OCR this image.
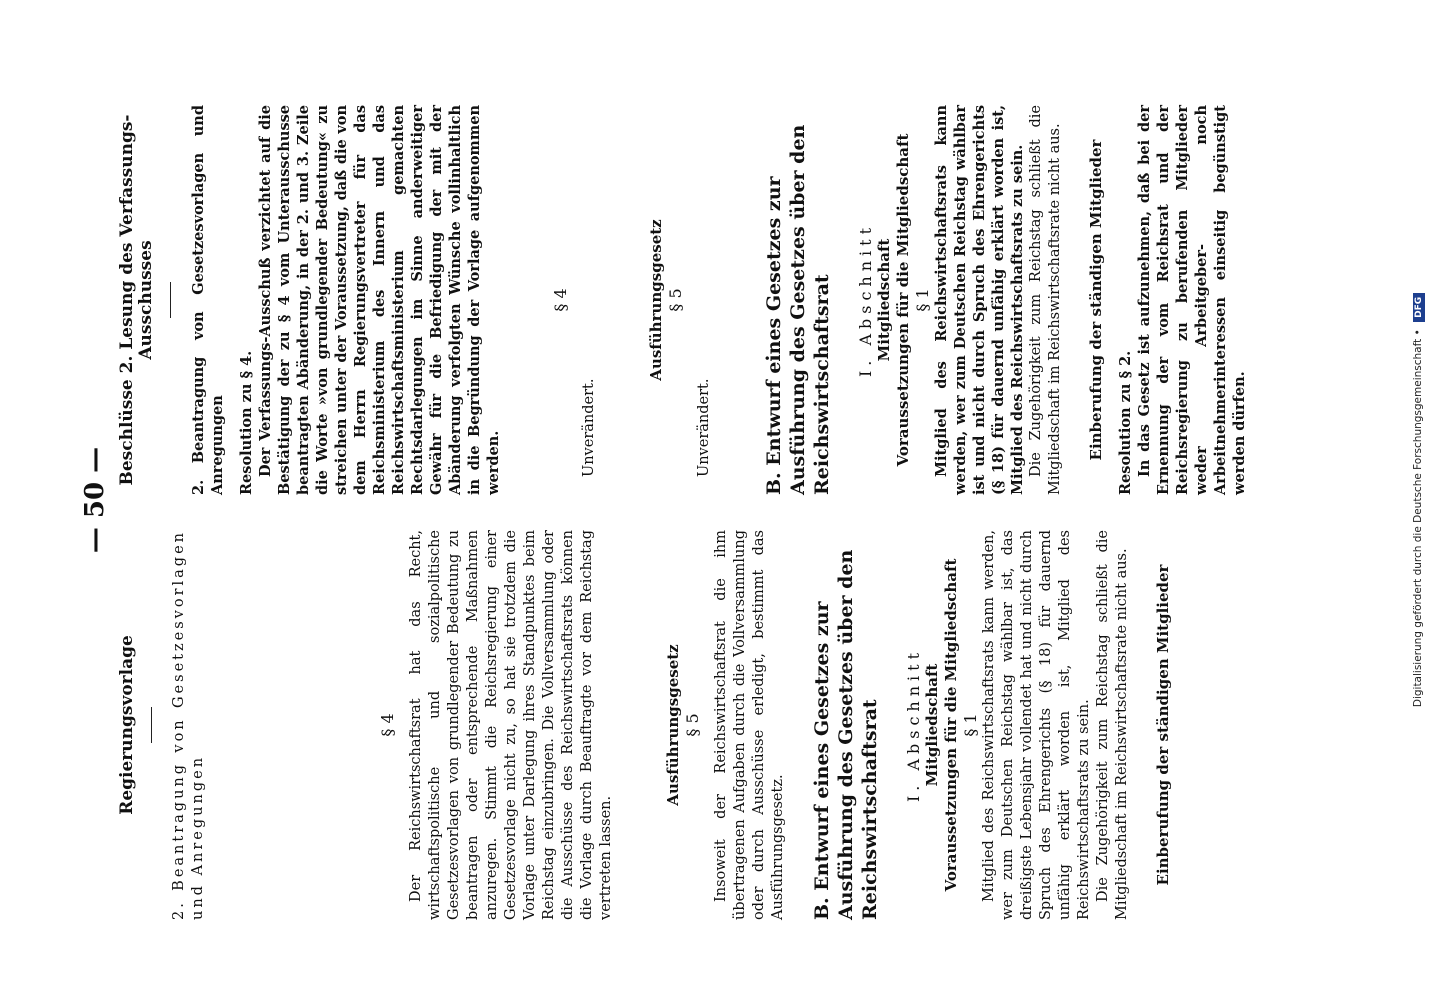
— 50 —

Regierungsvorlage 2. Beantragung von Gesetzesvorlagen und Anregungen

§ 4 Der Reichswirtschaftsrat hat das Recht, wirtschaftspolitische und sozialpolitische Gesetzesvorlagen von grundlegender Bedeutung zu beantragen oder entsprechende Maßnahmen anzuregen. Stimmt die Reichsregierung einer Gesetzesvorlage nicht zu, so hat sie trotzdem die Vorlage unter Darlegung ihres Standpunktes beim Reichstag einzubringen. Die Vollversammlung oder die Ausschüsse des Reichswirtschaftsrats können die Vorlage durch Beauftragte vor dem Reichstag vertreten lassen.

Ausführungsgesetz § 5 Insoweit der Reichswirtschaftsrat die ihm übertragenen Aufgaben durch die Vollversammlung oder durch Ausschüsse erledigt, bestimmt das Ausführungsgesetz. B. Entwurf eines Gesetzes zur Ausführung des Gesetzes über den Reichswirtschaftsrat I. Abschnitt Mitgliedschaft Voraussetzungen für die Mitgliedschaft § 1 Mitglied des Reichswirtschaftsrats kann werden, wer zum Deutschen Reichstag wählbar ist, das dreißigste Lebensjahr vollendet hat und nicht durch Spruch des Ehrengerichts (§ 18) für dauernd unfähig erklärt worden ist, Mitglied des Reichswirtschaftsrats zu sein. Die Zugehörigkeit zum Reichstag schließt die Mitgliedschaft im Reichswirtschaftsrate nicht aus. Einberufung der ständigen Mitglieder

Beschlüsse 2. Lesung des Verfassungs-Ausschusses 2. Beantragung von Gesetzesvorlagen und Anregungen Resolution zu § 4. Der Verfassungs-Ausschuß verzichtet auf die Bestätigung der zu § 4 vom Unterausschusse beantragten Abänderung, in der 2. und 3. Zeile die Worte »von grundlegender Bedeutung« zu streichen unter der Voraussetzung, daß die von dem Herrn Regierungsvertreter für das Reichsministerium des Innern und das Reichswirtschaftsministerium gemachten Rechtsdarlegungen im Sinne anderweitiger Gewähr für die Befriedigung der mit der Abänderung verfolgten Wünsche vollinhaltlich in die Begründung der Vorlage aufgenommen werden.

§ 4

Unverändert.

Ausführungsgesetz § 5

Unverändert.	B. Entwurf eines Gesetzes zur Ausführung des Gesetzes über den Reichswirtschaftsrat I. Abschnitt Mitgliedschaft Voraussetzungen für die Mitgliedschaft § 1 Mitglied des Reichswirtschaftsrats kann werden, wer zum Deutschen Reichstag wählbar ist und nicht durch Spruch des Ehrengerichts (§ 18) für dauernd unfähig erklärt worden ist, Mitglied des Reichswirtschaftsrats zu sein. Die Zugehörigkeit zum Reichstag schließt die Mitgliedschaft im Reichswirtschaftsrate nicht aus. Einberufung der ständigen Mitglieder Resolution zu § 2. In das Gesetz ist aufzunehmen, daß bei der Ernennung der vom Reichsrat und der Reichsregierung zu berufenden Mitglieder weder Arbeitgeber- noch Arbeitnehmerinteressen einseitig begünstigt werden dürfen.	Digitalisierung gefördert durch die Deutsche Forschungsgemeinschaft • DFG
